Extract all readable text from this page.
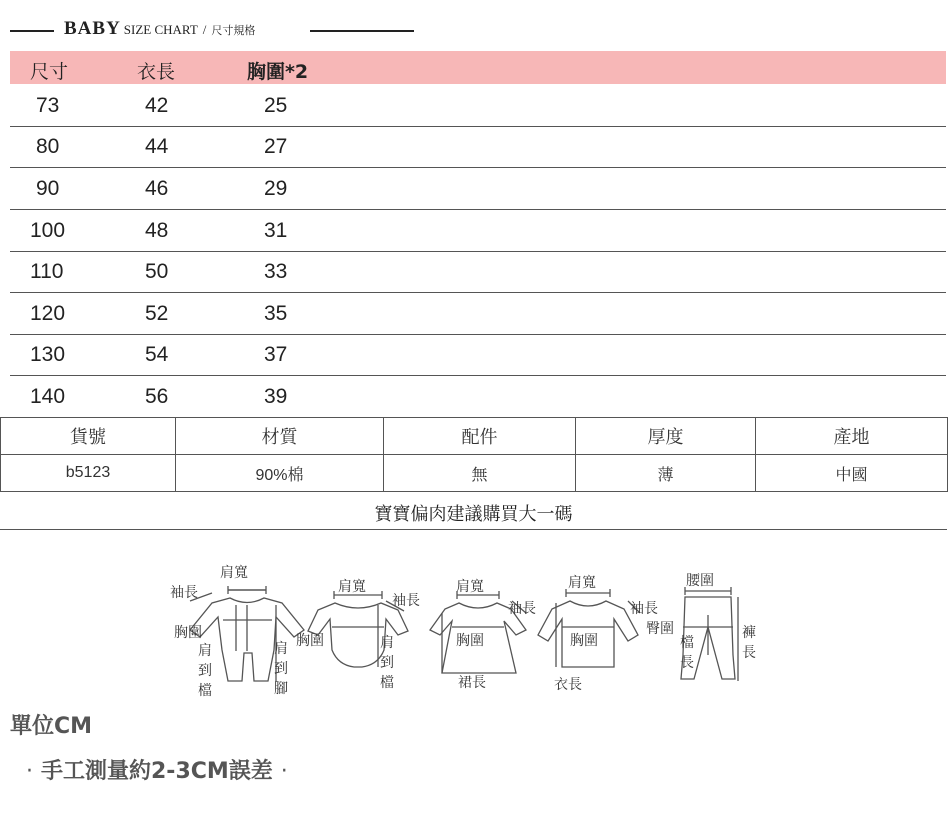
BABY SIZE CHART / 尺寸規格
尺寸	衣長	胸圍*2
73	42	25
80	44	27
90	46	29
100	48	31
110	50	33
120	52	35
130	54	37
140	56	39
貨號	材質	配件	厚度	產地
b5123	90%棉	無	薄	中國
寶寶偏肉建議購買大一碼
肩寬
袖長
胸圍
肩
到
檔
肩
到
腳
肩寬
袖長
胸圍	肩
到
檔
肩寬
袖長
胸圍
裙長
肩寬
袖長
胸圍
衣長
腰圍
臀圍
檔
長
褲
長
單位CM
· 手工測量約2-3CM誤差 ·
